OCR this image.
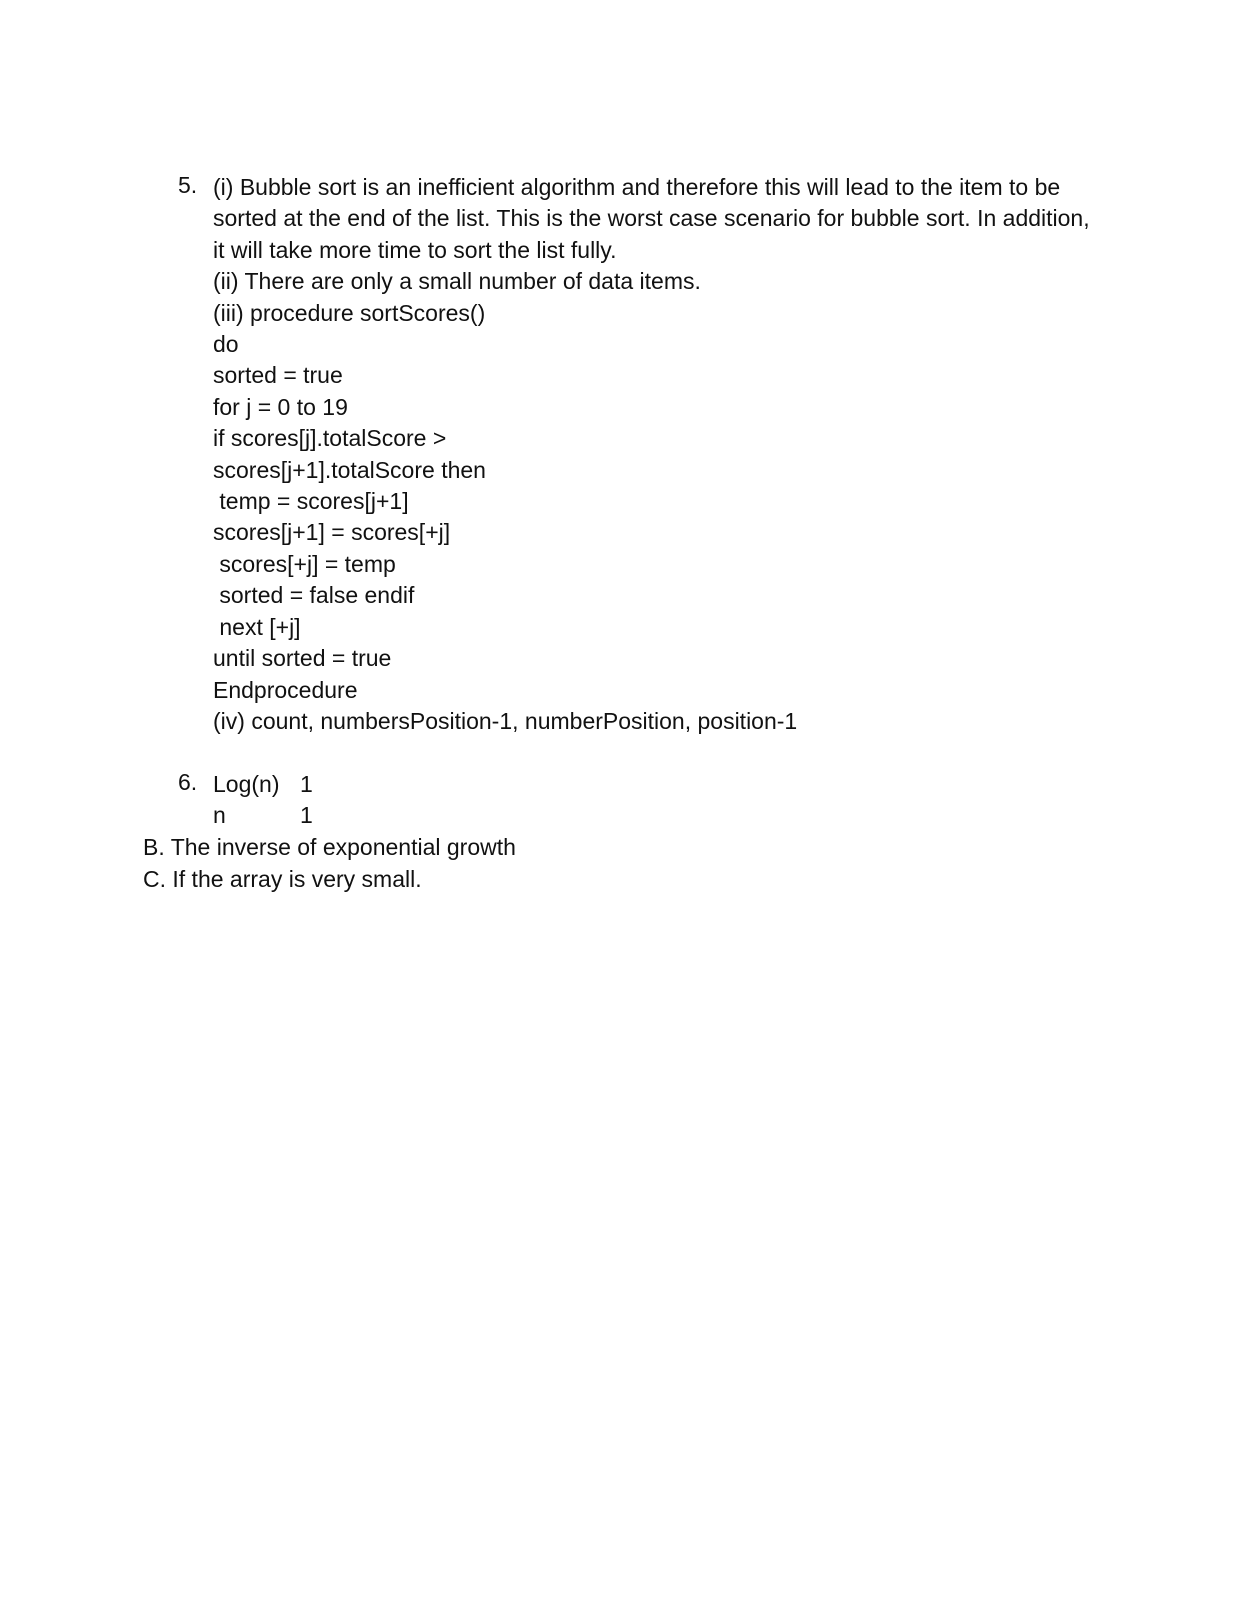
5. (i) Bubble sort is an inefficient algorithm and therefore this will lead to the item to be sorted at the end of the list. This is the worst case scenario for bubble sort. In addition, it will take more time to sort the list fully.
(ii) There are only a small number of data items.
(iii) procedure sortScores()
do
sorted = true
for j = 0 to 19
if scores[j].totalScore >
scores[j+1].totalScore then
temp = scores[j+1]
scores[j+1] = scores[+j]
scores[+j] = temp
sorted = false endif
next [+j]
until sorted = true
Endprocedure
(iv) count, numbersPosition-1, numberPosition, position-1
6. Log(n) 1
n	1
B. The inverse of exponential growth
C. If the array is very small.
